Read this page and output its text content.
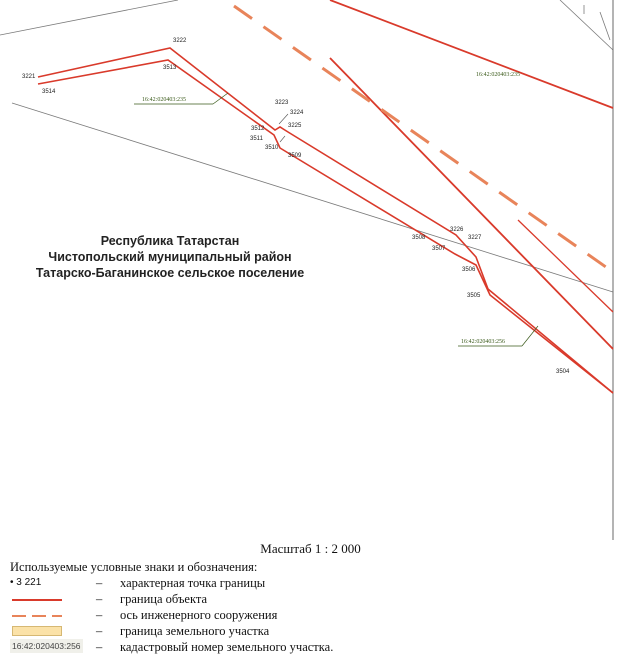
3222
3513
3221
3514
3223
3224
3225
3512
3511
3510
3509
3226
3227
3508
3507
3506
3505
3504
16:42:020403:235
16:42:020403:235
16:42:020403:256
Республика Татарстан
Чистопольский муниципальный район
Татарско-Баганинское сельское поселение
Масштаб 1 : 2 000
Используемые условные знаки и обозначения:
• 3 221	– характерная точка границы
– граница объекта
– ось инженерного сооружения
– граница земельного участка
16:42:020403:256 – кадастровый номер земельного участка.
